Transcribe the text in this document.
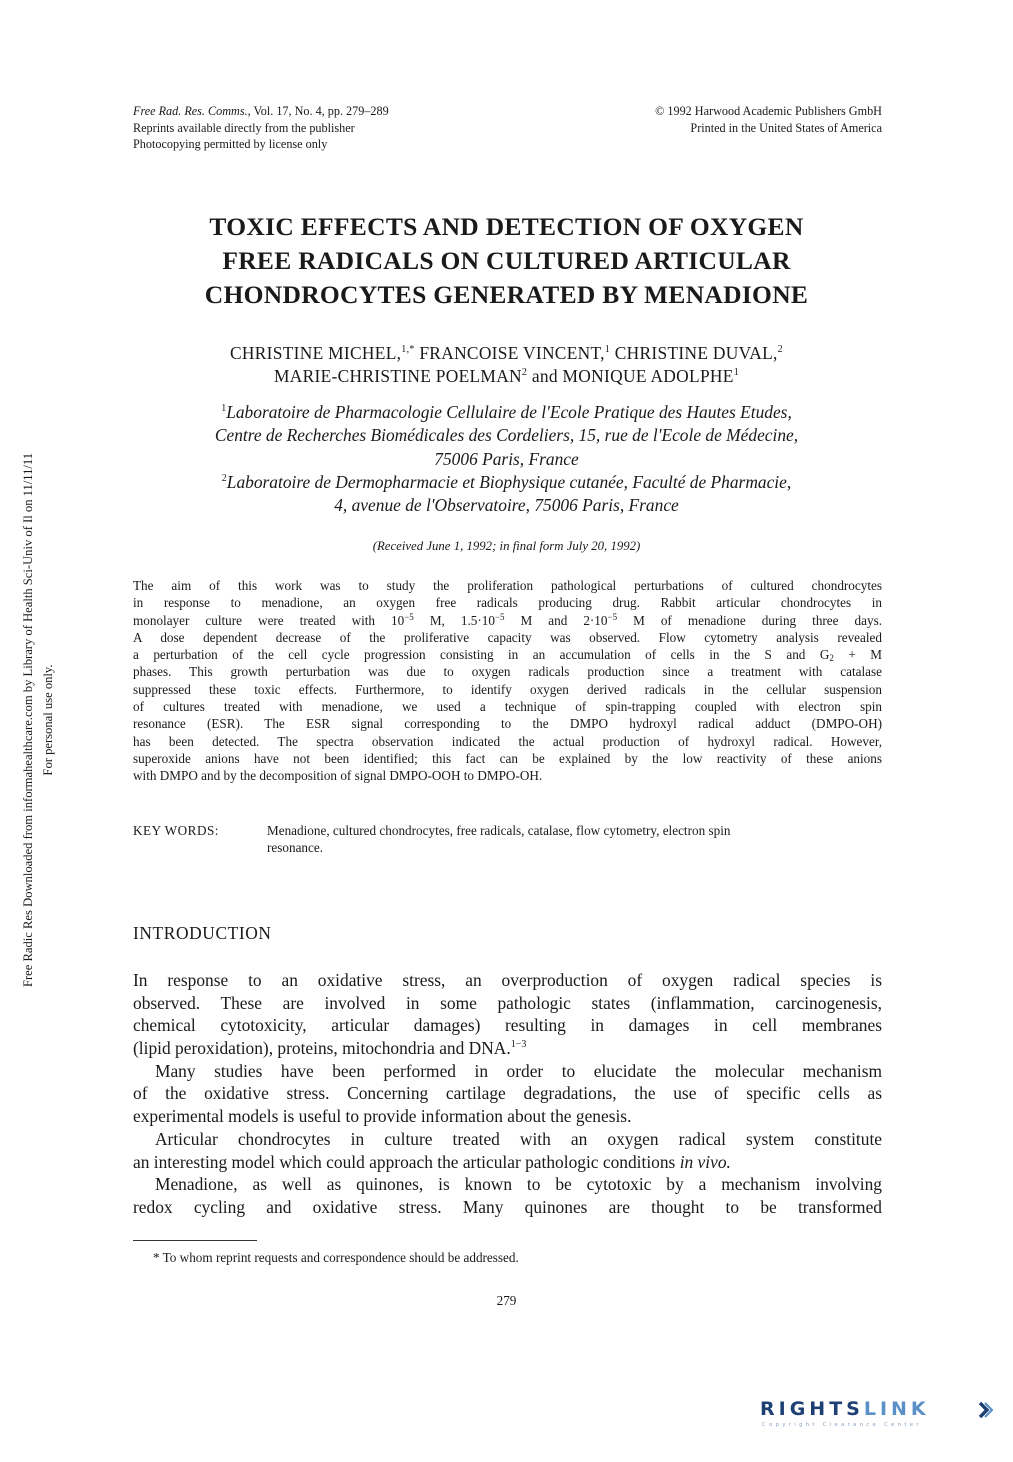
Free Rad. Res. Comms., Vol. 17, No. 4, pp. 279–289
Reprints available directly from the publisher
Photocopying permitted by license only
© 1992 Harwood Academic Publishers GmbH
Printed in the United States of America
TOXIC EFFECTS AND DETECTION OF OXYGEN
FREE RADICALS ON CULTURED ARTICULAR
CHONDROCYTES GENERATED BY MENADIONE
CHRISTINE MICHEL,$^{1,*}$ FRANCOISE VINCENT,$^1$ CHRISTINE DUVAL,$^2$
MARIE-CHRISTINE POELMAN$^2$ and MONIQUE ADOLPHE$^1$
$^1$Laboratoire de Pharmacologie Cellulaire de l'Ecole Pratique des Hautes Etudes,
Centre de Recherches Biomédicales des Cordeliers, 15, rue de l'Ecole de Médecine,
75006 Paris, France
$^2$Laboratoire de Dermopharmacie et Biophysique cutanée, Faculté de Pharmacie,
4, avenue de l'Observatoire, 75006 Paris, France
(Received June 1, 1992; in final form July 20, 1992)
The aim of this work was to study the proliferation pathological perturbations of cultured chondrocytes
in response to menadione, an oxygen free radicals producing drug. Rabbit articular chondrocytes in
monolayer culture were treated with $10^{-5}$ M, $1.5\cdot 10^{-5}$ M and $2\cdot 10^{-5}$ M of menadione during three days.
A dose dependent decrease of the proliferative capacity was observed. Flow cytometry analysis revealed
a perturbation of the cell cycle progression consisting in an accumulation of cells in the S and $G_2 + M$
phases. This growth perturbation was due to oxygen radicals production since a treatment with catalase
suppressed these toxic effects. Furthermore, to identify oxygen derived radicals in the cellular suspension
of cultures treated with menadione, we used a technique of spin-trapping coupled with electron spin
resonance (ESR). The ESR signal corresponding to the DMPO hydroxyl radical adduct (DMPO-OH)
has been detected. The spectra observation indicated the actual production of hydroxyl radical. However,
superoxide anions have not been identified; this fact can be explained by the low reactivity of these anions
with DMPO and by the decomposition of signal DMPO-OOH to DMPO-OH.
KEY WORDS:	Menadione, cultured chondrocytes, free radicals, catalase, flow cytometry, electron spin
resonance.
INTRODUCTION
In response to an oxidative stress, an overproduction of oxygen radical species is
observed. These are involved in some pathologic states (inflammation, carcinogenesis,
chemical cytotoxicity, articular damages) resulting in damages in cell membranes
(lipid peroxidation), proteins, mitochondria and DNA.$^{1-3}$
Many studies have been performed in order to elucidate the molecular mechanism
of the oxidative stress. Concerning cartilage degradations, the use of specific cells as
experimental models is useful to provide information about the genesis.
Articular chondrocytes in culture treated with an oxygen radical system constitute
an interesting model which could approach the articular pathologic conditions in vivo.
Menadione, as well as quinones, is known to be cytotoxic by a mechanism involving
redox cycling and oxidative stress. Many quinones are thought to be transformed
* To whom reprint requests and correspondence should be addressed.
279
Free Radic Res Downloaded from informahealthcare.com by Library of Health Sci-Univ of Il on 11/11/11 For personal use only.
RIGHTSLINK
Copyright Clearance Center
